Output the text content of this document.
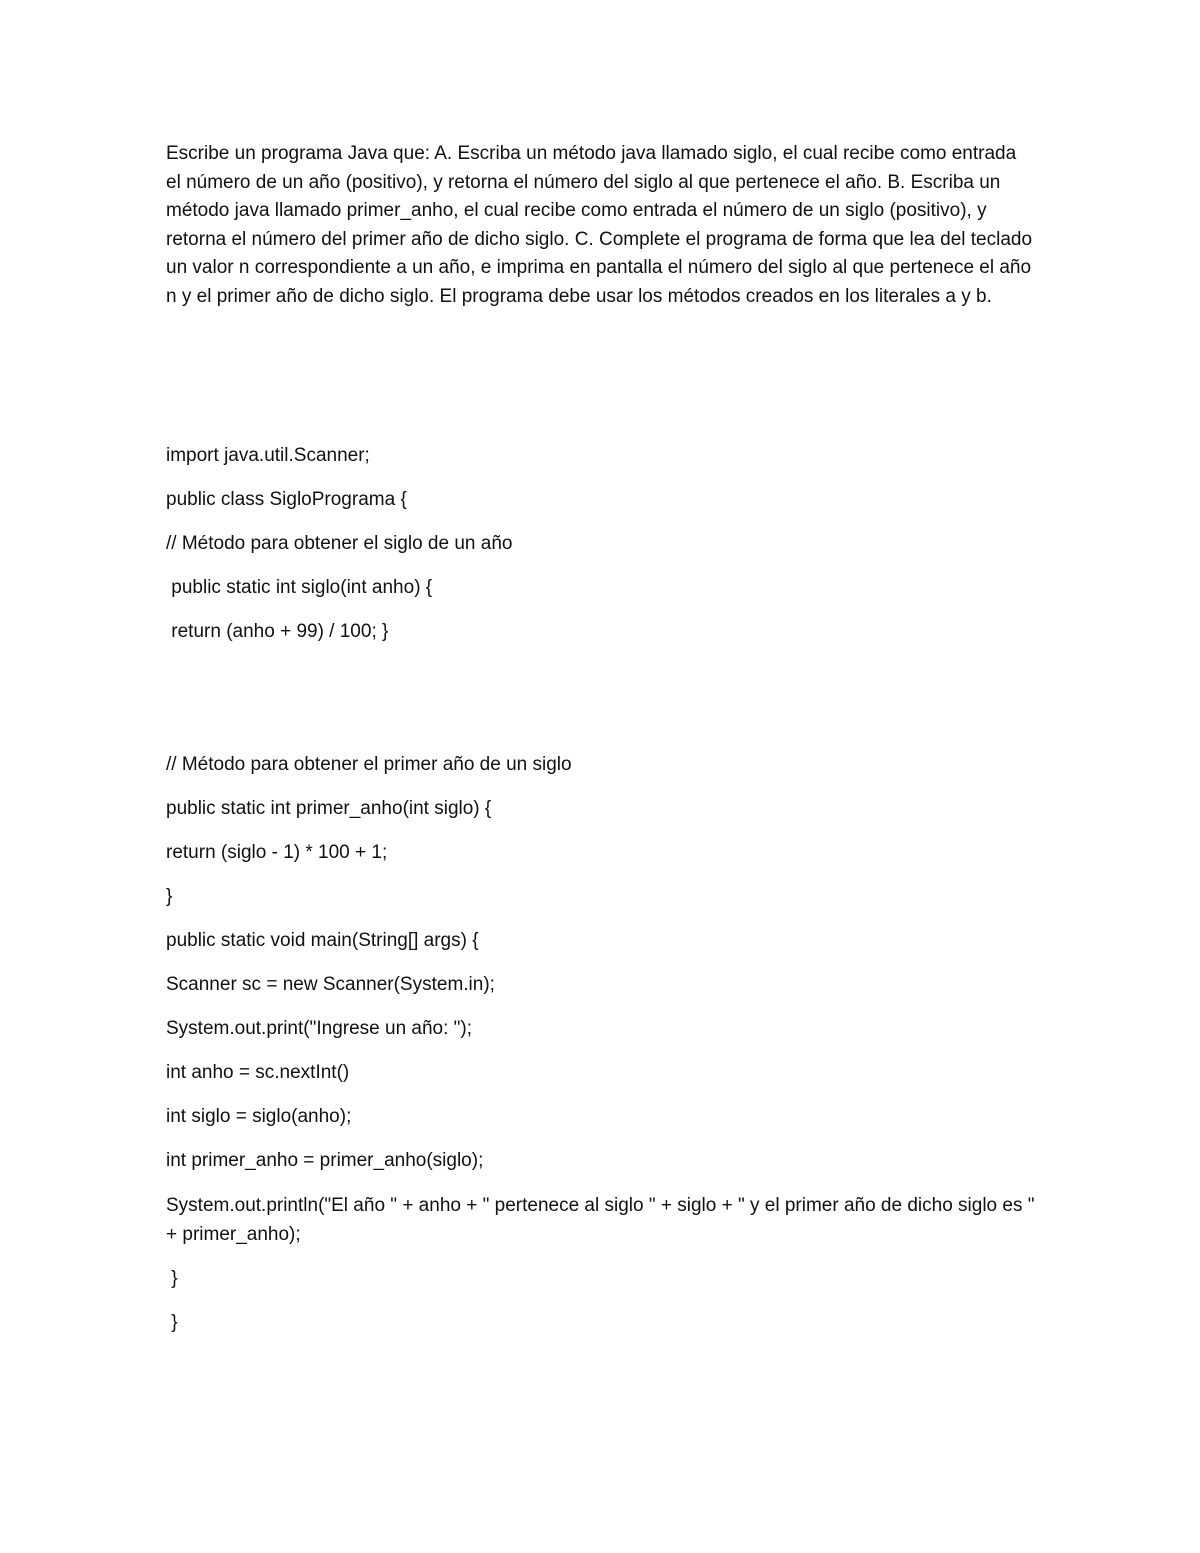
Escribe un programa Java que: A. Escriba un método java llamado siglo, el cual recibe como entrada el número de un año (positivo), y retorna el número del siglo al que pertenece el año. B. Escriba un método java llamado primer_anho, el cual recibe como entrada el número de un siglo (positivo), y retorna el número del primer año de dicho siglo. C. Complete el programa de forma que lea del teclado un valor n correspondiente a un año, e imprima en pantalla el número del siglo al que pertenece el año n y el primer año de dicho siglo. El programa debe usar los métodos creados en los literales a y b.

import java.util.Scanner;
public class SigloPrograma {
// Método para obtener el siglo de un año
public static int siglo(int anho) {
return (anho + 99) / 100; }
// Método para obtener el primer año de un siglo
public static int primer_anho(int siglo) {
return (siglo - 1) * 100 + 1;
}
public static void main(String[] args) {
Scanner sc = new Scanner(System.in);
System.out.print("Ingrese un año: ");
int anho = sc.nextInt()
int siglo = siglo(anho);
int primer_anho = primer_anho(siglo);
System.out.println("El año " + anho + " pertenece al siglo " + siglo + " y el primer año de dicho siglo es " + primer_anho);
}
}
